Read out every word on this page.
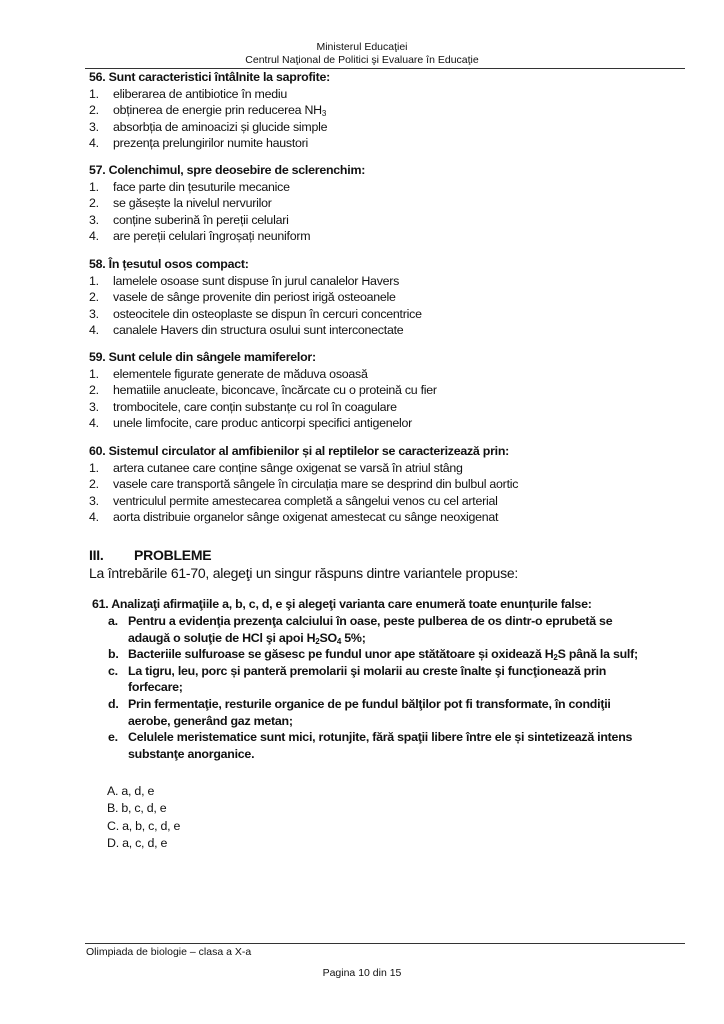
Ministerul Educaţiei
Centrul Naţional de Politici şi Evaluare în Educaţie
56. Sunt caracteristici întâlnite la saprofite:
1. eliberarea de antibiotice în mediu
2. obținerea de energie prin reducerea $NH_3$
3. absorbția de aminoacizi și glucide simple
4. prezența prelungirilor numite haustori
57. Colenchimul, spre deosebire de sclerenchim:
1. face parte din țesuturile mecanice
2. se găsește la nivelul nervurilor
3. conține suberină în pereții celulari
4. are pereții celulari îngroșați neuniform
58. În țesutul osos compact:
1. lamelele osoase sunt dispuse în jurul canalelor Havers
2. vasele de sânge provenite din periost irigă osteoanele
3. osteocitele din osteoplaste se dispun în cercuri concentrice
4. canalele Havers din structura osului sunt interconectate
59. Sunt celule din sângele mamiferelor:
1. elementele figurate generate de măduva osoasă
2. hematiile anucleate, biconcave, încărcate cu o proteină cu fier
3. trombocitele, care conțin substanțe cu rol în coagulare
4. unele limfocite, care produc anticorpi specifici antigenelor
60. Sistemul circulator al amfibienilor și al reptilelor se caracterizează prin:
1. artera cutanee care conține sânge oxigenat se varsă în atriul stâng
2. vasele care transportă sângele în circulația mare se desprind din bulbul aortic
3. ventriculul permite amestecarea completă a sângelui venos cu cel arterial
4. aorta distribuie organelor sânge oxigenat amestecat cu sânge neoxigenat
III. PROBLEME
La întrebările 61-70, alegeţi un singur răspuns dintre variantele propuse:
61. Analizaţi afirmaţiile a, b, c, d, e şi alegeţi varianta care enumeră toate enunțurile false:
a. Pentru a evidenţia prezenţa calciului în oase, peste pulberea de os dintr-o eprubetă se
adaugă o soluţie de HCl şi apoi $H_2SO_4$ 5%;
b. Bacteriile sulfuroase se găsesc pe fundul unor ape stătătoare și oxidează $H_2S$ până la sulf;
c. La tigru, leu, porc și panteră premolarii şi molarii au creste înalte şi funcţionează prin
forfecare;
d. Prin fermentaţie, resturile organice de pe fundul bălţilor pot fi transformate, în condiţii
aerobe, generând gaz metan;
e. Celulele meristematice sunt mici, rotunjite, fără spaţii libere între ele și sintetizează intens
substanţe anorganice.
A. a, d, e
B. b, c, d, e
C. a, b, c, d, e
D. a, c, d, e
Olimpiada de biologie – clasa a X-a
Pagina 10 din 15
